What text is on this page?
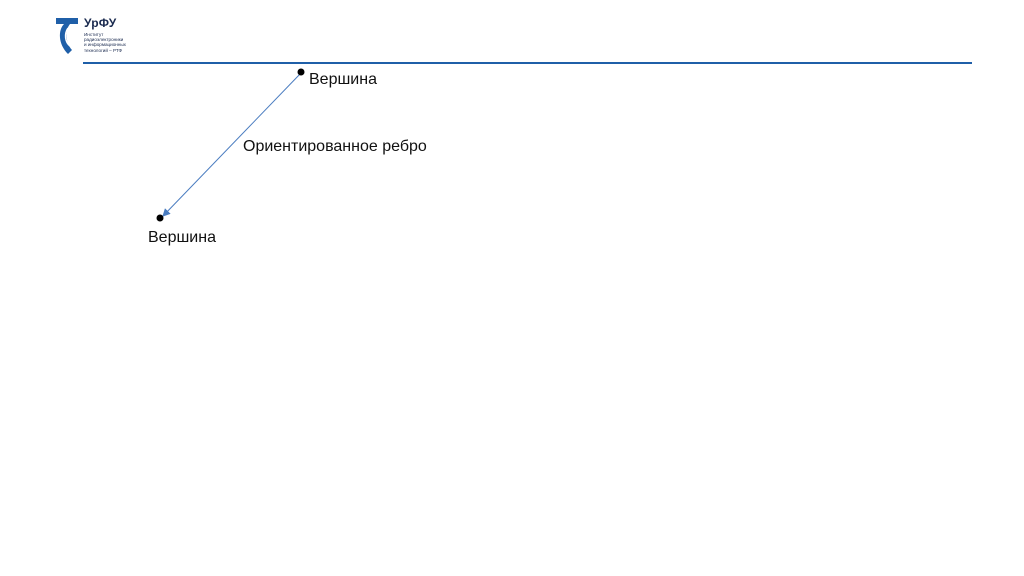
УрФУ
Институт
радиоэлектроники
и информационных
технологий – РТФ
Вершина
Ориентированное ребро
Вершина
